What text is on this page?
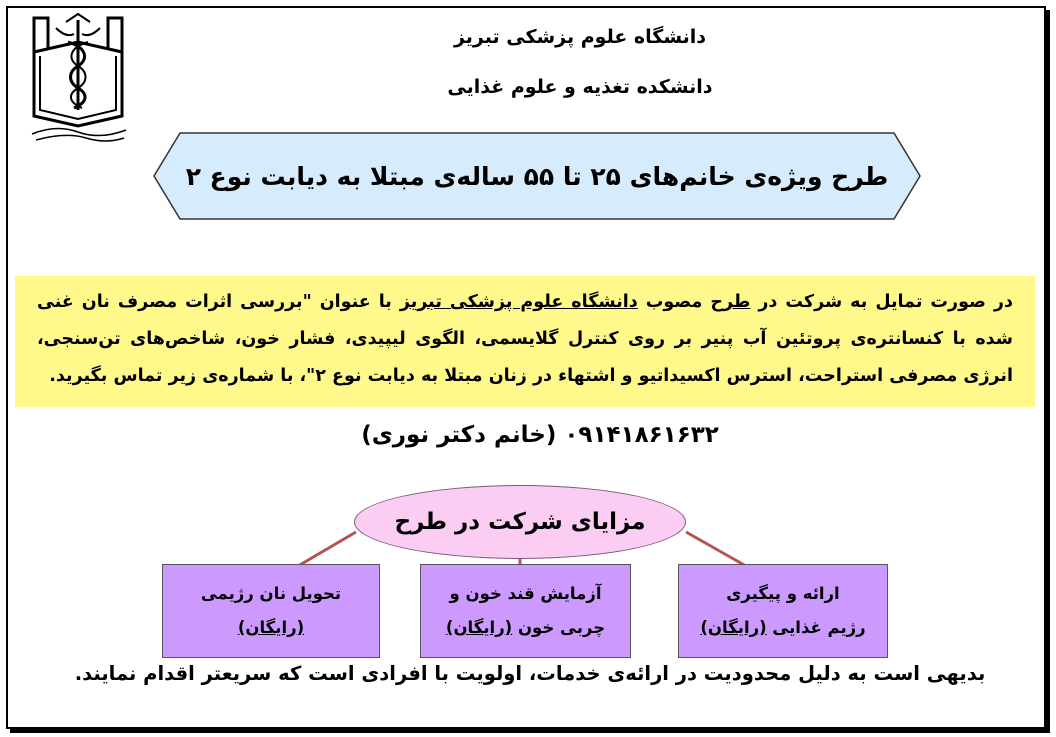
دانشگاه علوم پزشکی تبریز
دانشکده تغذیه و علوم غذایی
طرح ویژه‌ی خانم‌های ۲۵ تا ۵۵ ساله‌ی مبتلا به دیابت نوع ۲
در صورت تمایل به شرکت در طرح مصوب دانشگاه علوم پزشکی تبریز با عنوان "بررسی اثرات مصرف نان غنی شده با کنسانتره‌ی پروتئین آب پنیر بر روی کنترل گلایسمی، الگوی لیپیدی، فشار خون، شاخص‌های تن‌سنجی، انرژی مصرفی استراحت، استرس اکسیداتیو و اشتهاء در زنان مبتلا به دیابت نوع ۲"، با شماره‌ی زیر تماس بگیرید.
۰۹۱۴۱۸۶۱۶۳۲ (خانم دکتر نوری)
مزایای شرکت در طرح
ارائه و پیگیری
رژیم غذایی (رایگان)
آزمایش قند خون و
چربی خون (رایگان)
تحویل نان رژیمی
(رایگان)
بدیهی است به دلیل محدودیت در ارائه‌ی خدمات، اولویت با افرادی است که سریعتر اقدام نمایند.
